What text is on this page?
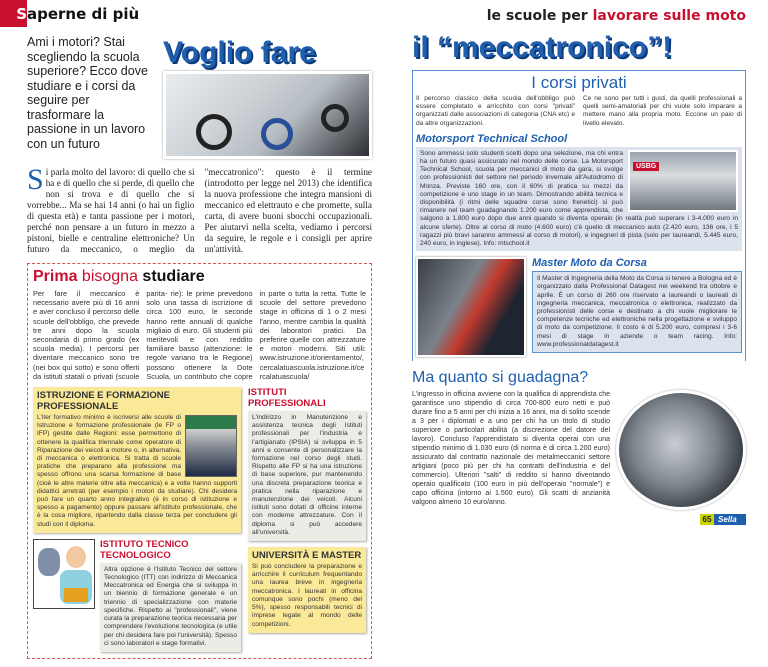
S aperne di più
Ami i motori? Stai scegliendo la scuola superiore? Ecco dove studiare e i corsi da seguire per trasformare la passione in un lavoro con un futuro
Voglio fare
Si parla molto del lavoro: di quello che si ha e di quello che si perde, di quello che non si trova e di quello che si vorrebbe... Ma se hai 14 anni (o hai un figlio di questa età) e tanta passione per i motori, perché non pensare a un futuro in mezzo a pistoni, bielle e centraline elettroniche? Un futuro da meccanico, o meglio da "meccatronico": questo è il termine (introdotto per legge nel 2013) che identifica la nuova professione che integra mansioni di meccanico ed elettrauto e che promette, sulla carta, di avere buoni sbocchi occupazionali. Per aiutarvi nella scelta, vediamo i percorsi da seguire, le regole e i consigli per aprire un'attività.
Prima bisogna studiare
Per fare il meccanico è necessario avere più di 16 anni e aver concluso il percorso delle scuole dell'obbligo, che prevede tre anni dopo la scuola secondaria di primo grado (ex scuola media). I percorsi per diventare meccanico sono tre (nei box qui sotto) e sono offerti da istituti statali o privati (scuole parita- rie): le prime prevedono solo una tassa di iscrizione di circa 100 euro, le seconde hanno rette annuali di qualche migliaio di euro. Gli studenti più meritevoli e con reddito familiare basso (attenzione: le regole variano tra le Regione) possono ottenere la Dote Scuola, un contributo che copre in parte o tutta la retta. Tutte le scuole del settore prevedono stage in officina di 1 o 2 mesi l'anno, mentre cambia la qualità dei laboratori pratici. Da preferire quelle con attrezzature e motori moderni. Siti utili: www.istruzione.it/orientamento/, cercalatuascuola.istruzione.it/cercalatuascuola/
ISTRUZIONE E FORMAZIONE PROFESSIONALE
L'iter formativo minimo è iscriversi alle scuole di Istruzione e formazione professionale (le FP o IFP) gestite dalle Regioni: esse permettono di ottenere la qualifica triennale come operatore di Riparazione dei veicoli a motore o, in alternativa, di meccanica o elettronica. Si tratta di scuole pratiche che preparano alla professione ma spesso offrono una scarsa formazione di base (cioè le altre materie oltre alla meccanica) e a volte hanno supporti didattici arretrati (per esempio i motori da studiare). Chi desidera può fare un quarto anno integrativo (è in corso di istituzione e spesso a pagamento) oppure passare all'istituto professionale, che è la cosa migliore, ripartendo dalla classe terza per concludere gli studi con il diploma.
ISTITUTO TECNICO TECNOLOGICO
Altra opzione è l'Istituto Tecnico del settore Tecnologico (ITT) con indirizzo di Meccanica Meccatronica ed Energia che si sviluppa in un biennio di formazione generale e un triennio di specializzazione con materie specifiche. Rispetto ai "professionali", viene curata la preparazione teorica necessaria per comprendere l'evoluzione tecnologica (e utile per chi desidera fare poi l'università). Spesso ci sono laboratori e stage formativi.
ISTITUTI PROFESSIONALI
L'indirizzo in Manutenzione e assistenza tecnica degli Istituti professionali per l'industria e l'artigianato (IPSIA) si sviluppa in 5 anni e consente di personalizzare la formazione nel corso degli studi. Rispetto alle FP si ha una istruzione di base superiore, pur mantenendo una discreta preparazione teorica e pratica nella riparazione e manutenzione dei veicoli. Alcuni istituti sono dotati di officine interne con moderne attrezzature. Con il diploma si può accedere all'università.
UNIVERSITÀ E MASTER
Si può concludere la preparazione e arricchire il curriculum frequentando una laurea breve in ingegneria meccatronica. I laureati in officina comunque sono pochi (meno del 5%), spesso responsabili tecnici di imprese legate al mondo delle competizioni.
le scuole per lavorare sulle moto
il “meccatronico”!
I corsi privati
Il percorso classico della scuola dell'obbligo può essere completato e arricchito con corsi "privati" organizzati dalle associazioni di categoria (CNA etc) e da altre organizzazioni.
Ce ne sono per tutti i gusti, da quelli professionali a quelli semi-amatoriali per chi vuole solo imparare a mettere mano alla propria moto. Eccone un paio di livello elevato.
Motorsport Technical School
USBG
Sono ammessi solo studenti scelti dopo una selezione, ma chi entra ha un futuro quasi assicurato nel mondo delle corse. La Motorsport Technical School, scuola per meccanici di moto da gara, si svolge con professionisti del settore nel periodo invernale all'Autodromo di Monza. Previste 160 ore, con il 60% di pratica su mezzi da competizione e uno stage in un team. Dimostrando abilità tecnica e disponibilità (i ritmi delle squadre corse sono frenetici) si può rimanere nel team guadagnando 1.200 euro come apprendista, che salgono a 1.800 euro dopo due anni quando si diventa operaio (in realtà può superare i 3-4.000 euro in alcune sferte). Oltre al corso di moto (4.600 euro) c'è quello di meccanico auto (2.420 euro, 136 ore, i 5 ragazzi più bravi saranno ammessi al corso di motori), e ingegneri di pista (solo per laureandi, 5.445 euro, 240 euro, in inglese). Info: mtschool.it
Master Moto da Corsa
Il Master di Ingegneria della Moto da Corsa si tenere a Bologna ed è organizzato dalla Professional Datagest nei weekend tra ottobre e aprile. È un corso di 260 ore riservato a laureandi o laureati di ingegneria meccanica, meccatronica o elettronica, realizzato da professionisti delle corse e destinato a chi vuole migliorare le competenze tecniche ed elettroniche nella progettazione e sviluppo di moto da competizione. Il costo è di 5.200 euro, compresi i 3-6 mesi di stage in aziende o team racing. Info: www.professionaldatagest.it
Ma quanto si guadagna?
L'ingresso in officina avviene con la qualifica di apprendista che garantisce uno stipendio di circa 700-800 euro netti e può durare fino a 5 anni per chi inizia a 16 anni, ma di solito scende a 3 per i diplomati e a uno per chi ha un titolo di studio superiore o particolari abilità (a discrezione del datore del lavoro). Concluso l'apprendistato si diventa operai con una stipendio minimo di 1.030 euro (di norma è di circa 1.200 euro) assicurato dal contratto nazionale dei metalmeccanici settore artigiani (poco più per chi ha contratti dell'industria e del commercio). Ulteriori "salti" di reddito si hanno diventando operaio qualificato (100 euro in più dell'operaio "normale") e capo officina (intorno ai 1.500 euro). Gli scatti di anzianità valgono almeno 10 euro/anno.
65 Sella
